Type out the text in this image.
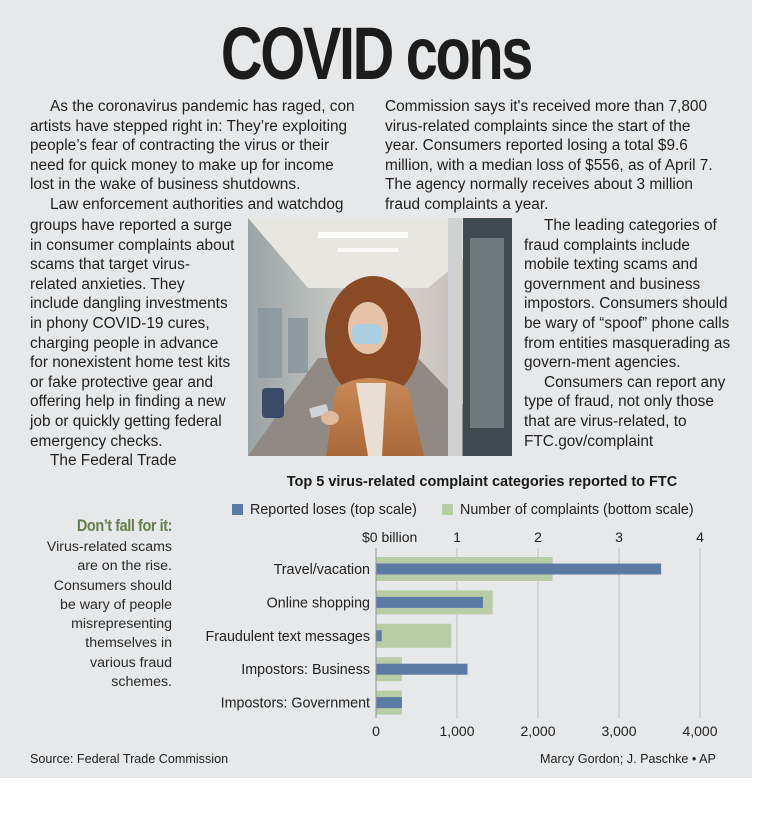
COVID cons

As the coronavirus pandemic has raged, con artists have stepped right in: They’re exploiting people’s fear of contracting the virus or their need for quick money to make up for income lost in the wake of business shutdowns.

Law enforcement authorities and watchdog

groups have reported a surge in consumer complaints about scams that target virus-related anxieties. They include dangling investments in phony COVID-19 cures, charging people in advance for nonexistent home test kits or fake protective gear and offering help in finding a new job or quickly getting federal emergency checks.

The Federal Trade

Commission says it's received more than 7,800 virus-related complaints since the start of the year. Consumers reported losing a total $9.6 million, with a median loss of $556, as of April 7. The agency normally receives about 3 million fraud complaints a year.

The leading categories of fraud complaints include mobile texting scams and government and business impostors. Consumers should be wary of “spoof” phone calls from entities masquerading as govern-ment agencies.

Consumers can report any type of fraud, not only those that are virus-related, to FTC.gov/complaint

Don’t fall for it:
Virus-related scams are on the rise. Consumers should be wary of people misrepresenting themselves in various fraud schemes.
Top 5 virus-related complaint categories reported to FTC
Reported loses (top scale)	Number of complaints (bottom scale)
$0 billion	1	2	3	4
0	1,000	2,000	3,000	4,000
Travel/vacation
Online shopping
Fraudulent text messages
Impostors: Business
Impostors: Government
Source: Federal Trade Commission	Marcy Gordon; J. Paschke • AP
